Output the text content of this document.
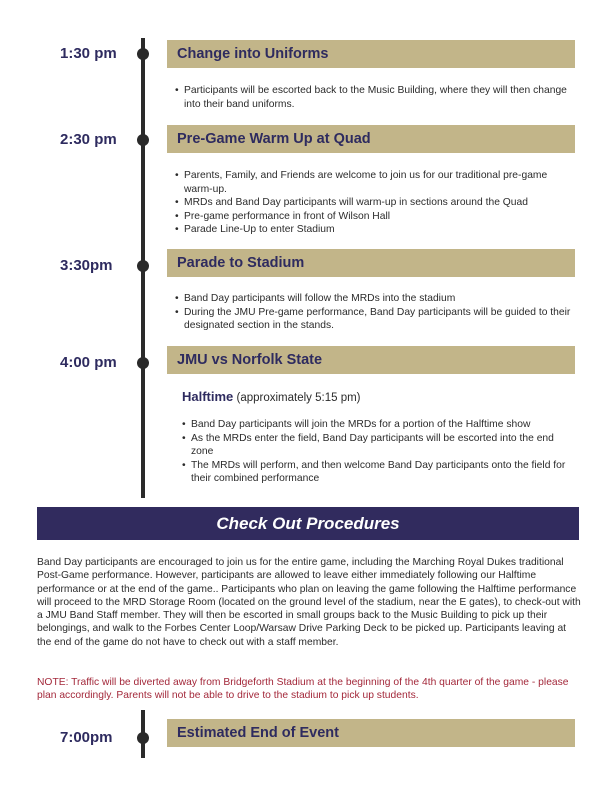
1:30 pm	Change into Uniforms
• Participants will be escorted back to the Music Building, where they will then change into their band uniforms.
2:30 pm	Pre-Game Warm Up at Quad
• Parents, Family, and Friends are welcome to join us for our traditional pre-game warm-up.
• MRDs and Band Day participants will warm-up in sections around the Quad
• Pre-game performance in front of Wilson Hall
• Parade Line-Up to enter Stadium
3:30pm	Parade to Stadium
• Band Day participants will follow the MRDs into the stadium
• During the JMU Pre-game performance, Band Day participants will be guided to their designated section in the stands.
4:00 pm	JMU vs Norfolk State
Halftime (approximately 5:15 pm)
• Band Day participants will join the MRDs for a portion of the Halftime show
• As the MRDs enter the field, Band Day participants will be escorted into the end zone
• The MRDs will perform, and then welcome Band Day participants onto the field for their combined performance
Check Out Procedures

Band Day participants are encouraged to join us for the entire game, including the Marching Royal Dukes traditional Post-Game performance. However, participants are allowed to leave either immediately following our Halftime performance or at the end of the game.. Participants who plan on leaving the game following the Halftime performance will proceed to the MRD Storage Room (located on the ground level of the stadium, near the E gates), to check-out with a JMU Band Staff member. They will then be escorted in small groups back to the Music Building to pick up their belongings, and walk to the Forbes Center Loop/Warsaw Drive Parking Deck to be picked up. Participants leaving at the end of the game do not have to check out with a staff member.

NOTE: Traffic will be diverted away from Bridgeforth Stadium at the beginning of the 4th quarter of the game - please plan accordingly. Parents will not be able to drive to the stadium to pick up students.

7:00pm	Estimated End of Event
